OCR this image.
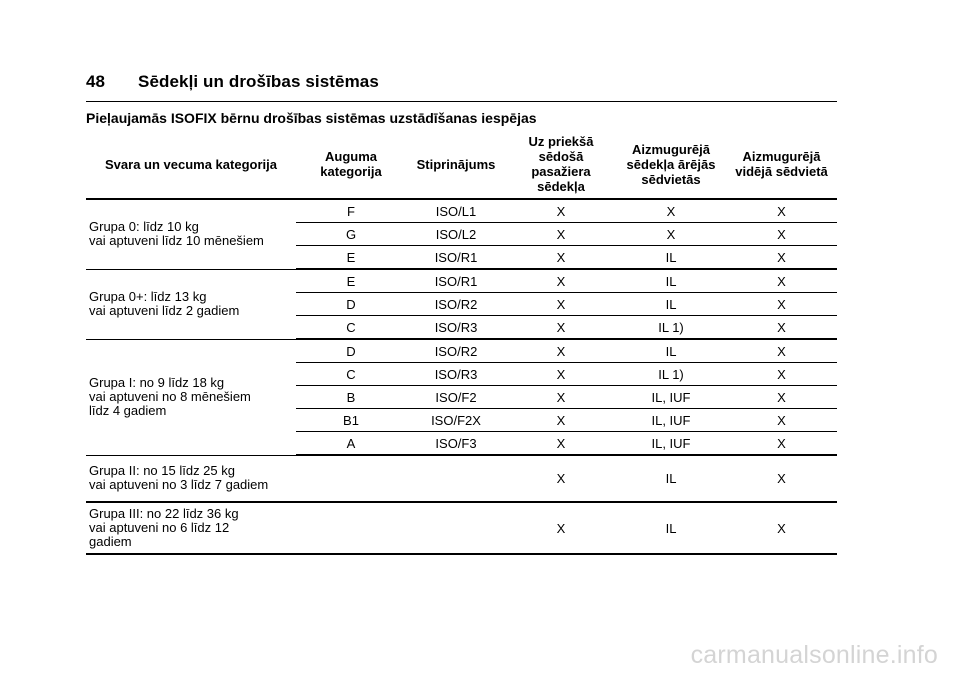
48 Sēdekļi un drošības sistēmas
Pieļaujamās ISOFIX bērnu drošības sistēmas uzstādīšanas iespējas
Svara un vecuma kategorija	Auguma kategorija	Stiprinājums	Uz priekšā sēdošā pasažiera sēdekļa	Aizmugurējā sēdekļa ārējās sēdvietās	Aizmugurējā vidējā sēdvietā
Grupa 0: līdz 10 kg
vai aptuveni līdz 10 mēnešiem	F	ISO/L1	X	X	X
	G	ISO/L2	X	X	X
	E	ISO/R1	X	IL	X
Grupa 0+: līdz 13 kg
vai aptuveni līdz 2 gadiem	E	ISO/R1	X	IL	X
	D	ISO/R2	X	IL	X
	C	ISO/R3	X	IL 1)	X
Grupa I: no 9 līdz 18 kg
vai aptuveni no 8 mēnešiem
līdz 4 gadiem	D	ISO/R2	X	IL	X
	C	ISO/R3	X	IL 1)	X
	B	ISO/F2	X	IL, IUF	X
	B1	ISO/F2X	X	IL, IUF	X
	A	ISO/F3	X	IL, IUF	X
Grupa II: no 15 līdz 25 kg
vai aptuveni no 3 līdz 7 gadiem			X	IL	X
Grupa III: no 22 līdz 36 kg
vai aptuveni no 6 līdz 12
gadiem			X	IL	X
carmanualsonline.info
